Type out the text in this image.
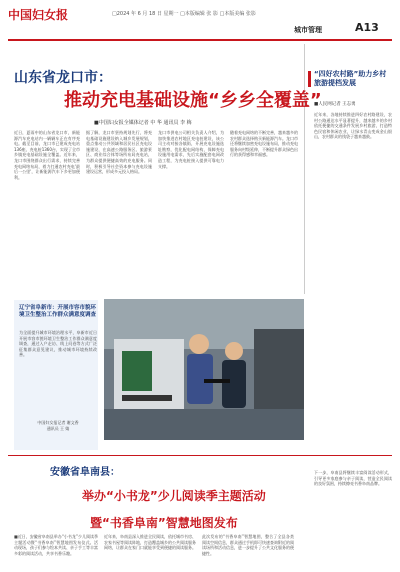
中国妇女报	□2024 年 6 月 18 日 星期一 □本版编辑 张 影 □本版美编 张影
城市管理	A13
山东省龙口市：
推动充电基础设施“乡乡全覆盖”
■中国妇女报全媒体记者 中 华 通讯员 李 梅
近日，夏雨中的山东省龙口市，新能源汽车充电站内一辆辆车正在有序充电。截至目前，龙口市已建成充电站136座、充电桩1360台，实现了全市乡镇充电基础设施全覆盖。近年来，龙口市围绕群众出行需求，持续完善充电网络布局，着力打通农村充电'最后一公里'，让新能源汽车下乡更加便利。
据了解，龙口市坚持规划先行，将充电基础设施建设纳入城乡发展规划，重点推动公共领域和居民社区充电设施建设，在高速公路服务区、旅游景区、商业综合体等场所布局充电站，为群众提供便捷高效的充电服务。同时，积极引导社会资本参与充电设施建设运营，形成多元投入格局。
龙口市供电公司相关负责人介绍，为加快推进农村地区充电桩建设，该公司主动对接各镇街，开展充电设施选址勘察，优化配电网结构，保障充电设施用电需求，先后实施配套电网改造工程，为充电桩接入提供可靠电力支撑。
随着充电网络的不断完善，越来越多的农村群众选择购买新能源汽车。龙口市还将继续加密充电设施布局，推动充电服务向村级延伸，不断提升群众绿色出行的获得感和幸福感。
“四好农村路”助力乡村旅游提档发展
■人民网记者 王志勇
近年来，各地持续推进四好农村路建设，农村公路通达水平显著提升，越来越多的乡村依托便捷的交通条件发展乡村旅游，打造特色民宿和休闲农业，让绿水青山变成金山银山，农村群众的钱袋子越来越鼓。
辽宁省阜新市：开展市容市貌环境卫生整治工作群众满意度调查
为全面提升城市环境治理水平，阜新市近日开展市容市貌环境卫生整治工作群众满意度调查，通过入户走访、线上问卷等方式广泛征集群众意见建议，推动城市环境持续改善。
中国妇女报记者 谢文香
通讯员 王 婧
安徽省阜南县：
举办“小书龙”少儿阅读季主题活动
暨“书香阜南”智慧地图发布
■近日，安徽省阜南县举办“小书龙”少儿阅读季主题活动暨“书香阜南”智慧地图发布仪式。活动现场，孩子们参与绘本共读、亲子手工等丰富多彩的阅读活动，共享书香乐趣。
近年来，阜南县深入推进全民阅读，依托城市书房、农家书屋等阅读阵地，打造覆盖城乡的公共阅读服务网络，让群众在家门口就能享受到便捷的阅读服务。
此次发布的“书香阜南”智慧地图，整合了全县各类阅读空间信息，群众通过手机即可快速查询附近的阅读场所和活动信息，进一步提升了公共文化服务的便捷性。
下一步，阜南县将继续丰富阅读活动形式，引导更多家庭参与亲子阅读，营造全民阅读的良好氛围，持续擦亮书香阜南品牌。
